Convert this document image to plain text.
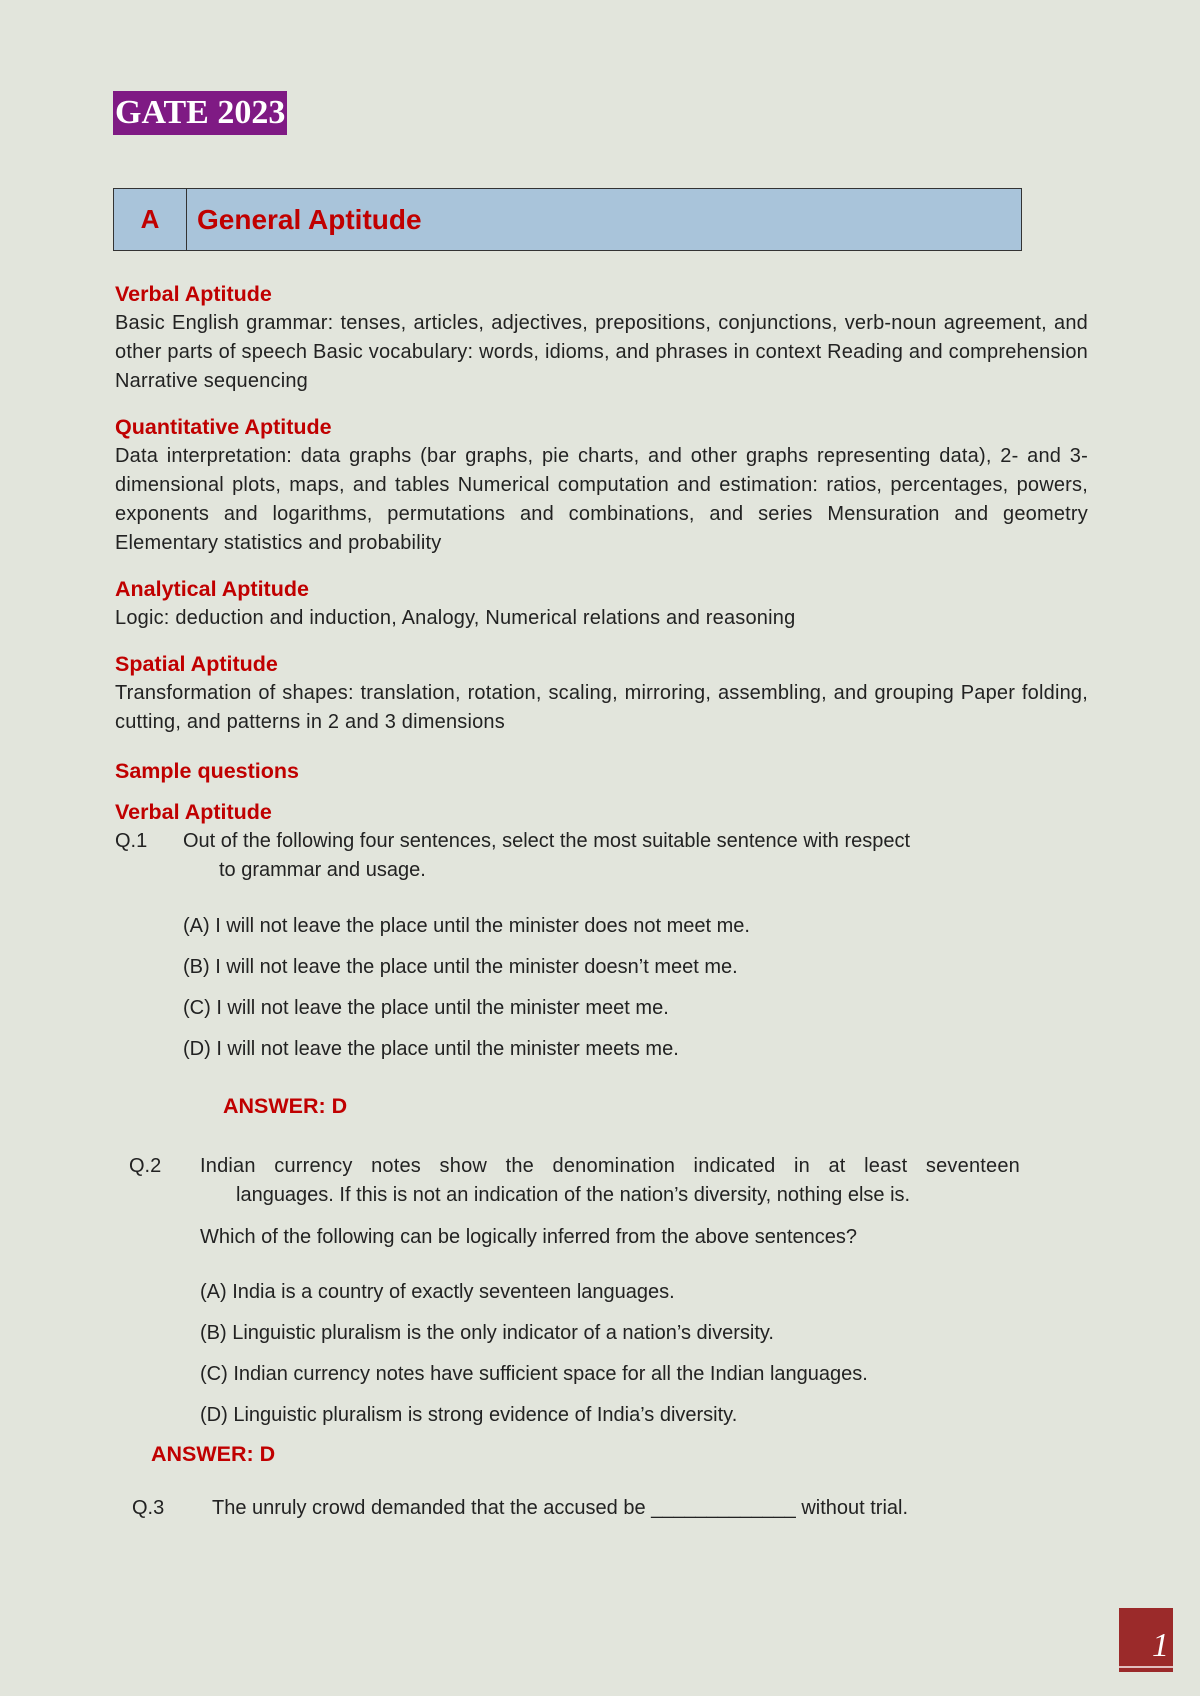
GATE 2023
A	General Aptitude
Verbal Aptitude
Basic English grammar: tenses, articles, adjectives, prepositions, conjunctions, verb-noun agreement, and other parts of speech Basic vocabulary: words, idioms, and phrases in context Reading and comprehension Narrative sequencing
Quantitative Aptitude
Data interpretation: data graphs (bar graphs, pie charts, and other graphs representing data), 2- and 3-dimensional plots, maps, and tables Numerical computation and estimation: ratios, percentages, powers, exponents and logarithms, permutations and combinations, and series Mensuration and geometry Elementary statistics and probability
Analytical Aptitude
Logic: deduction and induction, Analogy, Numerical relations and reasoning
Spatial Aptitude
Transformation of shapes: translation, rotation, scaling, mirroring, assembling, and grouping Paper folding, cutting, and patterns in 2 and 3 dimensions
Sample questions
Verbal Aptitude
Q.1	Out of the following four sentences, select the most suitable sentence with respect
to grammar and usage.
(A) I will not leave the place until the minister does not meet me.
(B) I will not leave the place until the minister doesn’t meet me.
(C) I will not leave the place until the minister meet me.
(D) I will not leave the place until the minister meets me.
ANSWER: D
Q.2	Indian currency notes show the denomination indicated in at least seventeen
languages. If this is not an indication of the nation’s diversity, nothing else is.
Which of the following can be logically inferred from the above sentences?
(A) India is a country of exactly seventeen languages.
(B) Linguistic pluralism is the only indicator of a nation’s diversity.
(C) Indian currency notes have sufficient space for all the Indian languages.
(D) Linguistic pluralism is strong evidence of India’s diversity.
ANSWER: D
Q.3	The unruly crowd demanded that the accused be _____________ without trial.
1
